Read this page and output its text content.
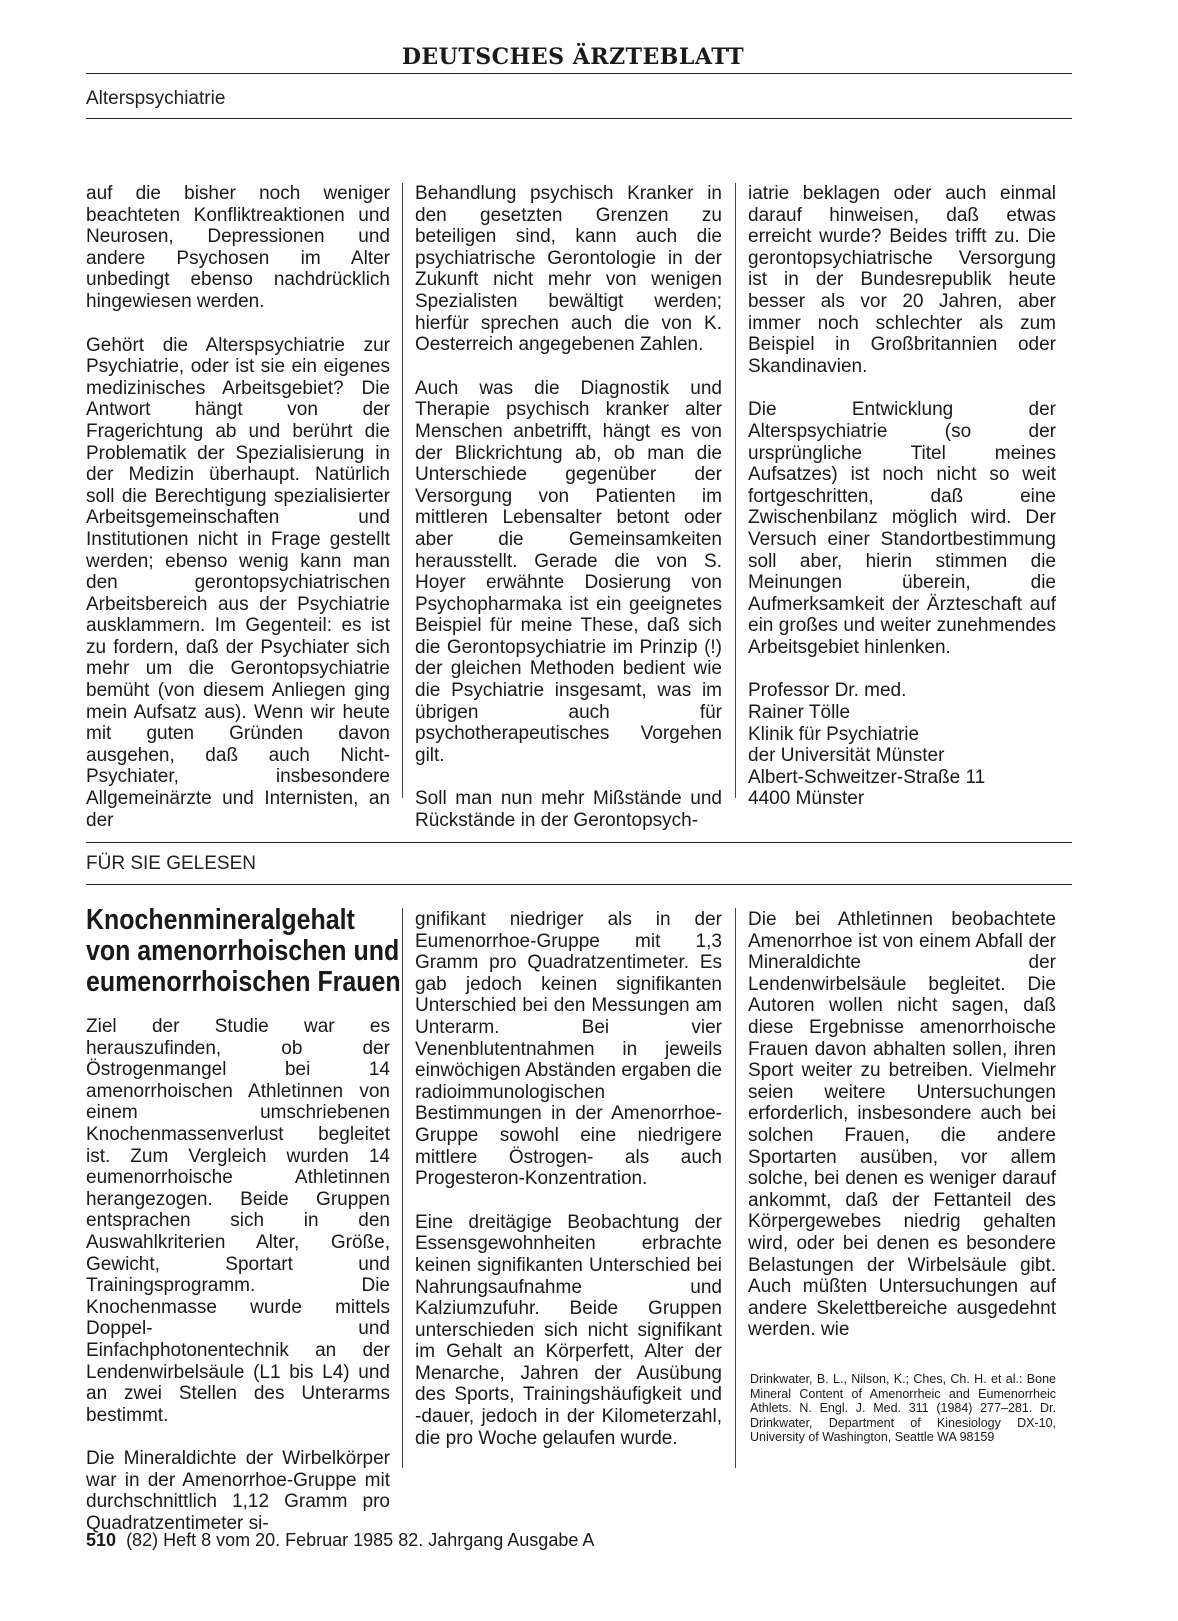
DEUTSCHES ÄRZTEBLATT
Alterspsychiatrie

auf die bisher noch weniger beachteten Konfliktreaktionen und Neurosen, Depressionen und andere Psychosen im Alter unbedingt ebenso nachdrücklich hingewiesen werden.

Gehört die Alterspsychiatrie zur Psychiatrie, oder ist sie ein eigenes medizinisches Arbeitsgebiet? Die Antwort hängt von der Fragerichtung ab und berührt die Problematik der Spezialisierung in der Medizin überhaupt. Natürlich soll die Berechtigung spezialisierter Arbeitsgemeinschaften und Institutionen nicht in Frage gestellt werden; ebenso wenig kann man den gerontopsychiatrischen Arbeitsbereich aus der Psychiatrie ausklammern. Im Gegenteil: es ist zu fordern, daß der Psychiater sich mehr um die Gerontopsychiatrie bemüht (von diesem Anliegen ging mein Aufsatz aus). Wenn wir heute mit guten Gründen davon ausgehen, daß auch Nicht-Psychiater, insbesondere Allgemeinärzte und Internisten, an der

Behandlung psychisch Kranker in den gesetzten Grenzen zu beteiligen sind, kann auch die psychiatrische Gerontologie in der Zukunft nicht mehr von wenigen Spezialisten bewältigt werden; hierfür sprechen auch die von K. Oesterreich angegebenen Zahlen.

Auch was die Diagnostik und Therapie psychisch kranker alter Menschen anbetrifft, hängt es von der Blickrichtung ab, ob man die Unterschiede gegenüber der Versorgung von Patienten im mittleren Lebensalter betont oder aber die Gemeinsamkeiten herausstellt. Gerade die von S. Hoyer erwähnte Dosierung von Psychopharmaka ist ein geeignetes Beispiel für meine These, daß sich die Gerontopsychiatrie im Prinzip (!) der gleichen Methoden bedient wie die Psychiatrie insgesamt, was im übrigen auch für psychotherapeutisches Vorgehen gilt.

Soll man nun mehr Mißstände und Rückstände in der Gerontopsych-

iatrie beklagen oder auch einmal darauf hinweisen, daß etwas erreicht wurde? Beides trifft zu. Die gerontopsychiatrische Versorgung ist in der Bundesrepublik heute besser als vor 20 Jahren, aber immer noch schlechter als zum Beispiel in Großbritannien oder Skandinavien.

Die Entwicklung der Alterspsychiatrie (so der ursprüngliche Titel meines Aufsatzes) ist noch nicht so weit fortgeschritten, daß eine Zwischenbilanz möglich wird. Der Versuch einer Standortbestimmung soll aber, hierin stimmen die Meinungen überein, die Aufmerksamkeit der Ärzteschaft auf ein großes und weiter zunehmendes Arbeitsgebiet hinlenken.

Professor Dr. med.
Rainer Tölle
Klinik für Psychiatrie
der Universität Münster
Albert-Schweitzer-Straße 11
4400 Münster
FÜR SIE GELESEN
Knochenmineralgehalt
von amenorrhoischen und
eumenorrhoischen Frauen

Ziel der Studie war es herauszufinden, ob der Östrogenmangel bei 14 amenorrhoischen Athletinnen von einem umschriebenen Knochenmassenverlust begleitet ist. Zum Vergleich wurden 14 eumenorrhoische Athletinnen herangezogen. Beide Gruppen entsprachen sich in den Auswahlkriterien Alter, Größe, Gewicht, Sportart und Trainingsprogramm. Die Knochenmasse wurde mittels Doppel- und Einfachphotonentechnik an der Lendenwirbelsäule (L1 bis L4) und an zwei Stellen des Unterarms bestimmt.

Die Mineraldichte der Wirbelkörper war in der Amenorrhoe-Gruppe mit durchschnittlich 1,12 Gramm pro Quadratzentimeter si-

gnifikant niedriger als in der Eumenorrhoe-Gruppe mit 1,3 Gramm pro Quadratzentimeter. Es gab jedoch keinen signifikanten Unterschied bei den Messungen am Unterarm. Bei vier Venenblutentnahmen in jeweils einwöchigen Abständen ergaben die radioimmunologischen Bestimmungen in der Amenorrhoe-Gruppe sowohl eine niedrigere mittlere Östrogen- als auch Progesteron-Konzentration.

Eine dreitägige Beobachtung der Essensgewohnheiten erbrachte keinen signifikanten Unterschied bei Nahrungsaufnahme und Kalziumzufuhr. Beide Gruppen unterschieden sich nicht signifikant im Gehalt an Körperfett, Alter der Menarche, Jahren der Ausübung des Sports, Trainingshäufigkeit und -dauer, jedoch in der Kilometerzahl, die pro Woche gelaufen wurde.

Die bei Athletinnen beobachtete Amenorrhoe ist von einem Abfall der Mineraldichte der Lendenwirbelsäule begleitet. Die Autoren wollen nicht sagen, daß diese Ergebnisse amenorrhoische Frauen davon abhalten sollen, ihren Sport weiter zu betreiben. Vielmehr seien weitere Untersuchungen erforderlich, insbesondere auch bei solchen Frauen, die andere Sportarten ausüben, vor allem solche, bei denen es weniger darauf ankommt, daß der Fettanteil des Körpergewebes niedrig gehalten wird, oder bei denen es besondere Belastungen der Wirbelsäule gibt. Auch müßten Untersuchungen auf andere Skelettbereiche ausgedehnt werden. wie

Drinkwater, B. L., Nilson, K.; Ches, Ch. H. et al.: Bone Mineral Content of Amenorrheic and Eumenorrheic Athlets. N. Engl. J. Med. 311 (1984) 277–281. Dr. Drinkwater, Department of Kinesiology DX-10, University of Washington, Seattle WA 98159
510 (82) Heft 8 vom 20. Februar 1985 82. Jahrgang Ausgabe A
